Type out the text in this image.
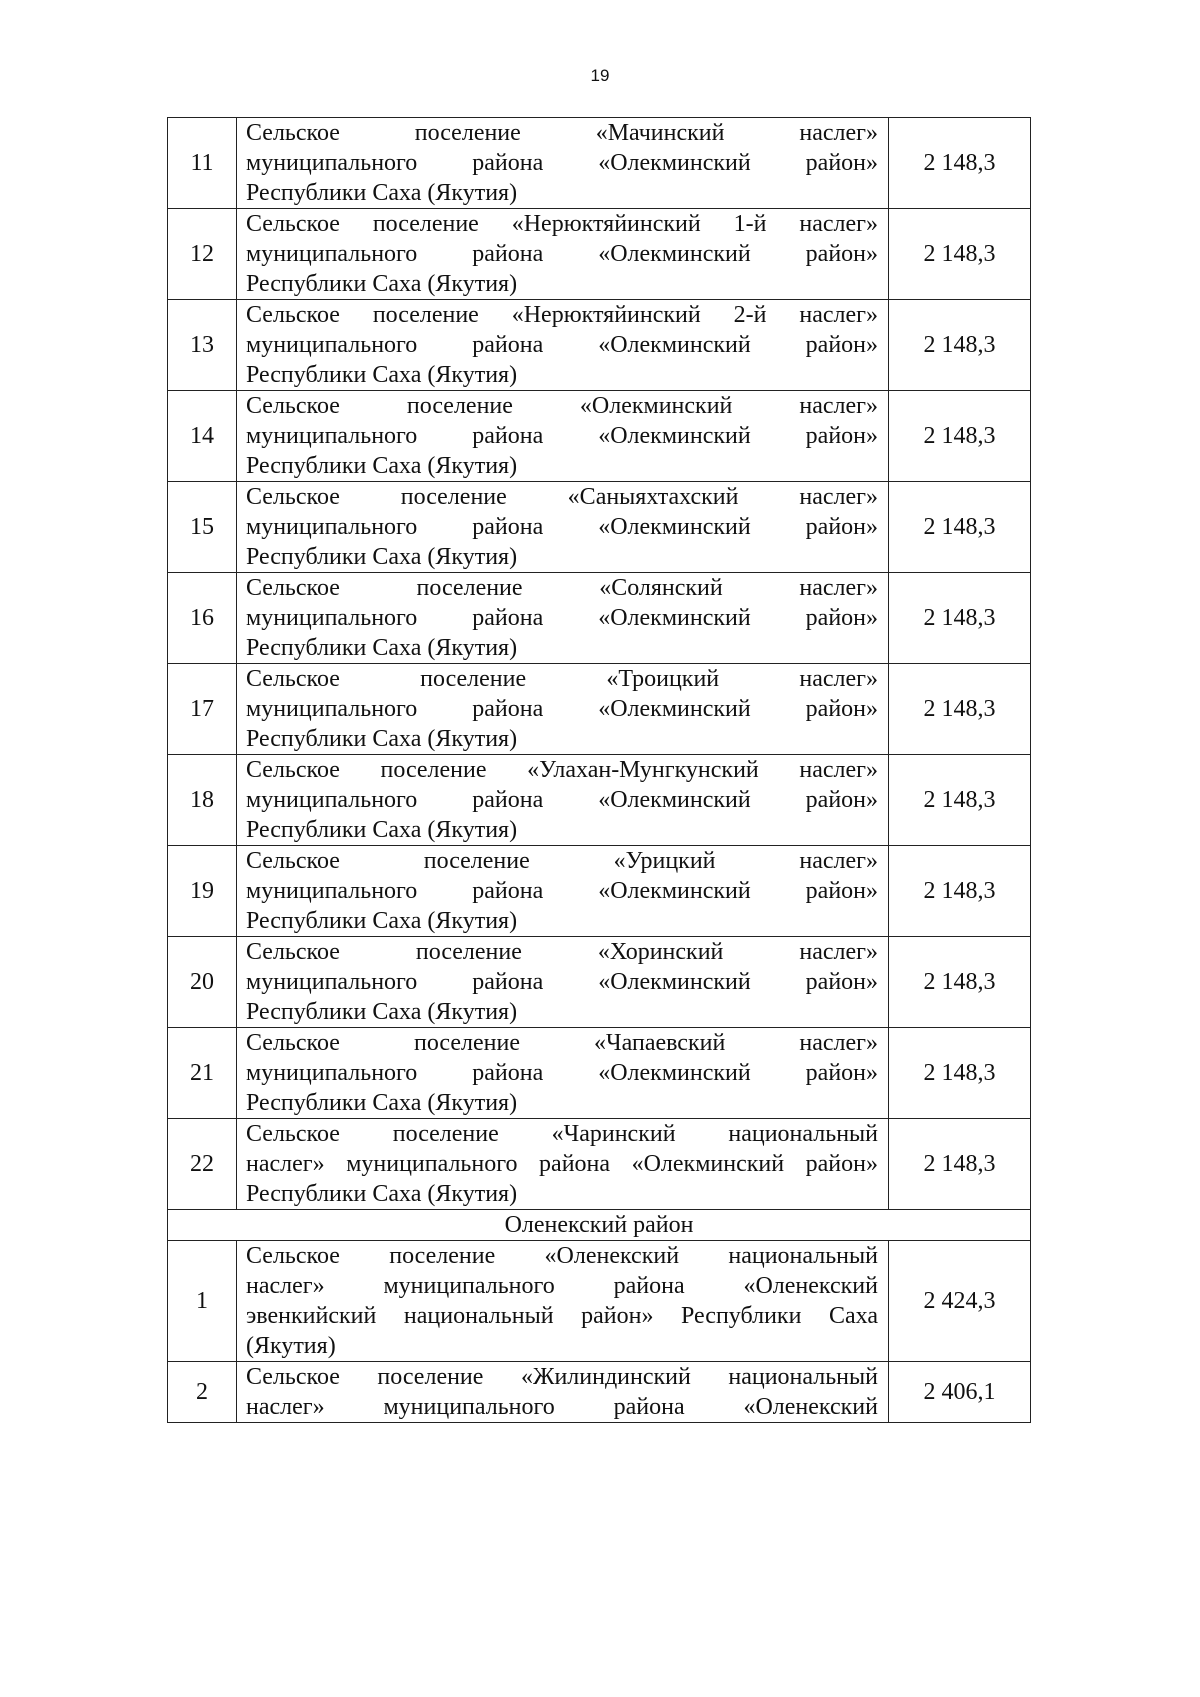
19
11	Сельское поселение «Мачинский наслег»
муниципального района «Олекминский район»
Республики Саха (Якутия)	2 148,3
12	Сельское поселение «Нерюктяйинский 1-й наслег»
муниципального района «Олекминский район»
Республики Саха (Якутия)	2 148,3
13	Сельское поселение «Нерюктяйинский 2-й наслег»
муниципального района «Олекминский район»
Республики Саха (Якутия)	2 148,3
14	Сельское поселение «Олекминский наслег»
муниципального района «Олекминский район»
Республики Саха (Якутия)	2 148,3
15	Сельское поселение «Саныяхтахский наслег»
муниципального района «Олекминский район»
Республики Саха (Якутия)	2 148,3
16	Сельское поселение «Солянский наслег»
муниципального района «Олекминский район»
Республики Саха (Якутия)	2 148,3
17	Сельское поселение «Троицкий наслег»
муниципального района «Олекминский район»
Республики Саха (Якутия)	2 148,3
18	Сельское поселение «Улахан-Мунгкунский наслег»
муниципального района «Олекминский район»
Республики Саха (Якутия)	2 148,3
19	Сельское поселение «Урицкий наслег»
муниципального района «Олекминский район»
Республики Саха (Якутия)	2 148,3
20	Сельское поселение «Хоринский наслег»
муниципального района «Олекминский район»
Республики Саха (Якутия)	2 148,3
21	Сельское поселение «Чапаевский наслег»
муниципального района «Олекминский район»
Республики Саха (Якутия)	2 148,3
22	Сельское поселение «Чаринский национальный
наслег» муниципального района «Олекминский район»
Республики Саха (Якутия)	2 148,3
Оленекский район		
1	Сельское поселение «Оленекский национальный
наслег» муниципального района «Оленекский
эвенкийский национальный район» Республики Саха
(Якутия)	2 424,3
2	Сельское поселение «Жилиндинский национальный
наслег» муниципального района «Оленекский	2 406,1
